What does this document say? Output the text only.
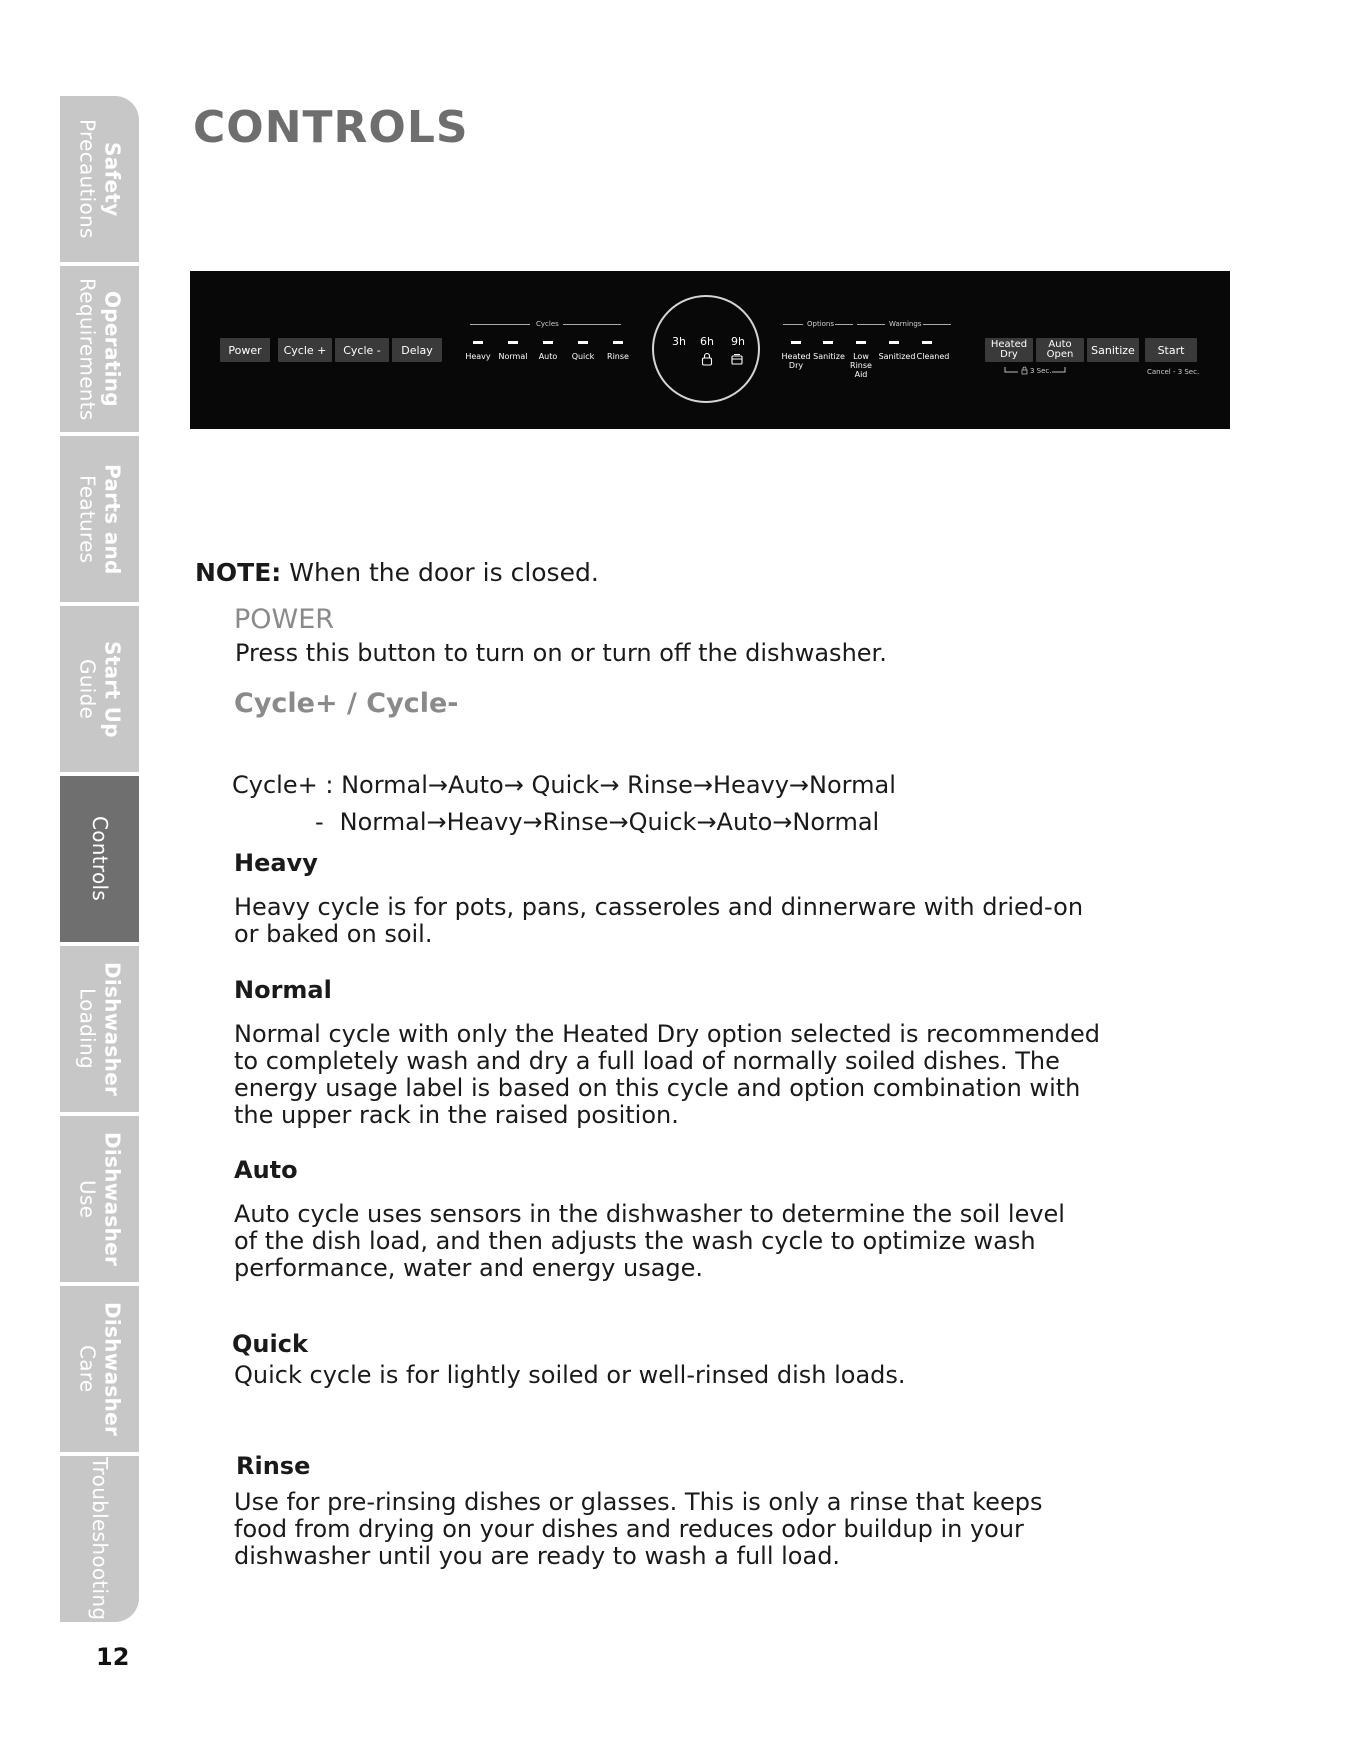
Safety
Precautions
Operating
Requirements
Parts and
Features
Start Up
Guide
Controls
Dishwasher
Loading
Dishwasher
Use
Dishwasher
Care
Troubleshooting
12
CONTROLS
Power	Cycle +	Cycle -	Delay
Cycles
Heavy Normal	Auto	Quick	Rinse
3h 6h 9h
Options	Warnings
Heated
Dry
Sanitize	Low
Rinse
Aid
Sanitized Cleaned
Heated
Dry
Auto
Open	Sanitize	Start
3 Sec.	Cancel - 3 Sec.

NOTE: When the door is closed.

POWER

Press this button to turn on or turn off the dishwasher.

Cycle+ / Cycle-

Cycle+ : Normal→Auto→ Quick→ Rinse→Heavy→Normal

- Normal→Heavy→Rinse→Quick→Auto→Normal

Heavy

Heavy cycle is for pots, pans, casseroles and dinnerware with dried-on
or baked on soil.

Normal

Normal cycle with only the Heated Dry option selected is recommended
to completely wash and dry a full load of normally soiled dishes. The
energy usage label is based on this cycle and option combination with
the upper rack in the raised position.

Auto

Auto cycle uses sensors in the dishwasher to determine the soil level
of the dish load, and then adjusts the wash cycle to optimize wash
performance, water and energy usage.

Quick

Quick cycle is for lightly soiled or well-rinsed dish loads.

Rinse

Use for pre-rinsing dishes or glasses. This is only a rinse that keeps
food from drying on your dishes and reduces odor buildup in your
dishwasher until you are ready to wash a full load.
